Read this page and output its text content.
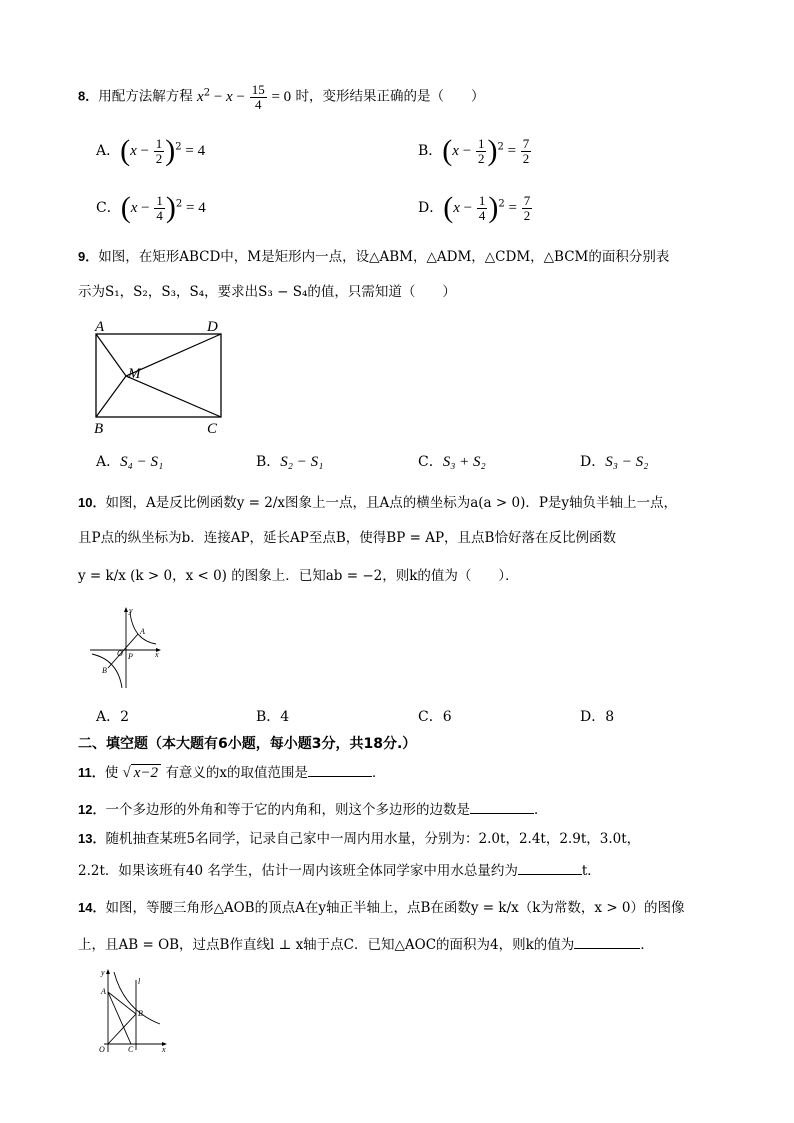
8．用配方法解方程 $x^2 - x - \frac{15}{4} = 0$ 时，变形结果正确的是（　　）
A．$(x - \frac{1}{2} )^2 = 4$	B．$(x - \frac{1}{2} )^2 = \frac{7}{2}$
C．$(x - \frac{1}{4} )^2 = 4$	D．$(x - \frac{1}{4} )^2 = \frac{7}{2}$
9．如图，在矩形ABCD中，M是矩形内一点，设△ABM，△ADM，△CDM，△BCM的面积分别表
示为S₁，S₂，S₃，S₄，要求出S₃ − S₄的值，只需知道（　　）
A	D
M
B	C
A．S₄ − S₁	B．S₂ − S₁	C．S₃ + S₂	D．S₃ − S₂
10．如图，A是反比例函数y = 2/x图象上一点，且A点的横坐标为a(a > 0)．P是y轴负半轴上一点，
且P点的纵坐标为b．连接AP，延长AP至点B，使得BP = AP，且点B恰好落在反比例函数
y = k/x (k > 0，x < 0) 的图象上．已知ab = −2，则k的值为（　　）．
y
x
O
A
P
B
A．2	B．4	C．6	D．8
二、填空题（本大题有6小题，每小题3分，共18分.）
11．使 √ x−2 有意义的x的取值范围是	．
12．一个多边形的外角和等于它的内角和，则这个多边形的边数是	．
13．随机抽查某班5名同学，记录自己家中一周内用水量，分别为：2.0t，2.4t，2.9t，3.0t，
2.2t．如果该班有40 名学生，估计一周内该班全体同学家中用水总量约为	t．
14．如图，等腰三角形△AOB的顶点A在y轴正半轴上，点B在函数y = k/x（k为常数，x > 0）的图像
上，且AB = OB，过点B作直线l ⊥ x轴于点C．已知△AOC的面积为4，则k的值为	．
y
A
l
B
O	C	x
